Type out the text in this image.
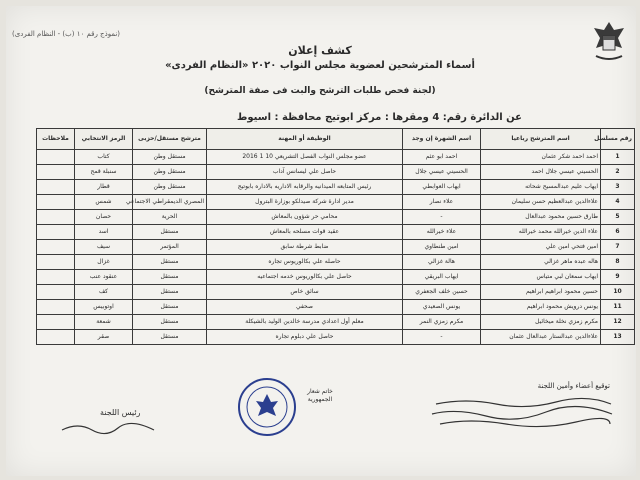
(نموذج رقم ١٠ (ب) - النظام الفردى)
كشف إعلان
أسماء المترشحين لعضوية مجلس النواب ٢٠٢٠ «النظام الفردى»
(لجنة فحص طلبات الترشح والبت فى صفة المترشح)
عن الدائرة رقم: 4 ومقرها : مركز ابوتيج محافظة : اسيوط
رقم مسلسل	اسم المترشح رباعيا	اسم الشهرة إن وجد	الوظيفة أو المهنة	مترشح مستقل/حزبى	الرمز الانتخابي	ملاحظات
1	احمد احمد شكر عثمان	احمد ابو عثم	عضو مجلس النواب الفصل التشريعي 10 1 2016	مستقل وطن	كتاب	
2	الحسيني عيسي جلال احمد	الحسيني عيسي جلال	حاصل علي ليسانس آداب	مستقل وطن	سنبلة قمح	
3	ايهاب عليم عبدالمسيح شحاته	ايهاب العوابطي	رئيس المتابعه الميدانيه والرقابه الاداريه بالاداره بابوتيج	مستقل وطن	قطار	
4	علاءالدين عبدالعظيم حسن سليمان	علاء نصار	مدير ادارة شركة صيدلكو بوزارة البترول	المصري الديمقراطي الاجتماعي	شمس	
5	طارق حسين محمود عبدالعال	-	محامي حر شؤون بالمعاش	الحرية	حصان	
6	علاء الدين خيرالله محمد خيرالله	علاء خيرالله	عقيد قوات مسلحه بالمعاش	مستقل	اسد	
7	امين فتحي امين علي	امين طنطاوي	ضابط شرطة سابق	المؤتمر	سيف	
8	هاله عبده ماهر غزالي	هالة غزالي	حاصله علي بكالوريوس تجاره	مستقل	غزال	
9	ايهاب سمعان لبي متياس	ايهاب البريقي	حاصل علي بكالوريوس خدمه اجتماعيه	مستقل	عنقود عنب	
10	حسين محمود ابراهيم ابراهيم	حسين خلف الجعفري	سائق خاص	مستقل	كف	
11	يونس درويش محمود ابراهيم	يونس الصعيدي	صحفي	مستقل	اوتوبيس	
12	مكرم زمزي نخلة ميخائيل	مكرم زمزي النمر	معلم أول اعدادي مدرسة خالدين الوليد بالشيكلة	مستقل	شمعة	
13	علاءالدين عبدالستار عبدالعال عثمان	-	حاصل علي دبلوم تجاره	مستقل	صقر	
توقيع أعضاء وأمين اللجنة
خاتم شعار الجمهورية
رئيس اللجنة
